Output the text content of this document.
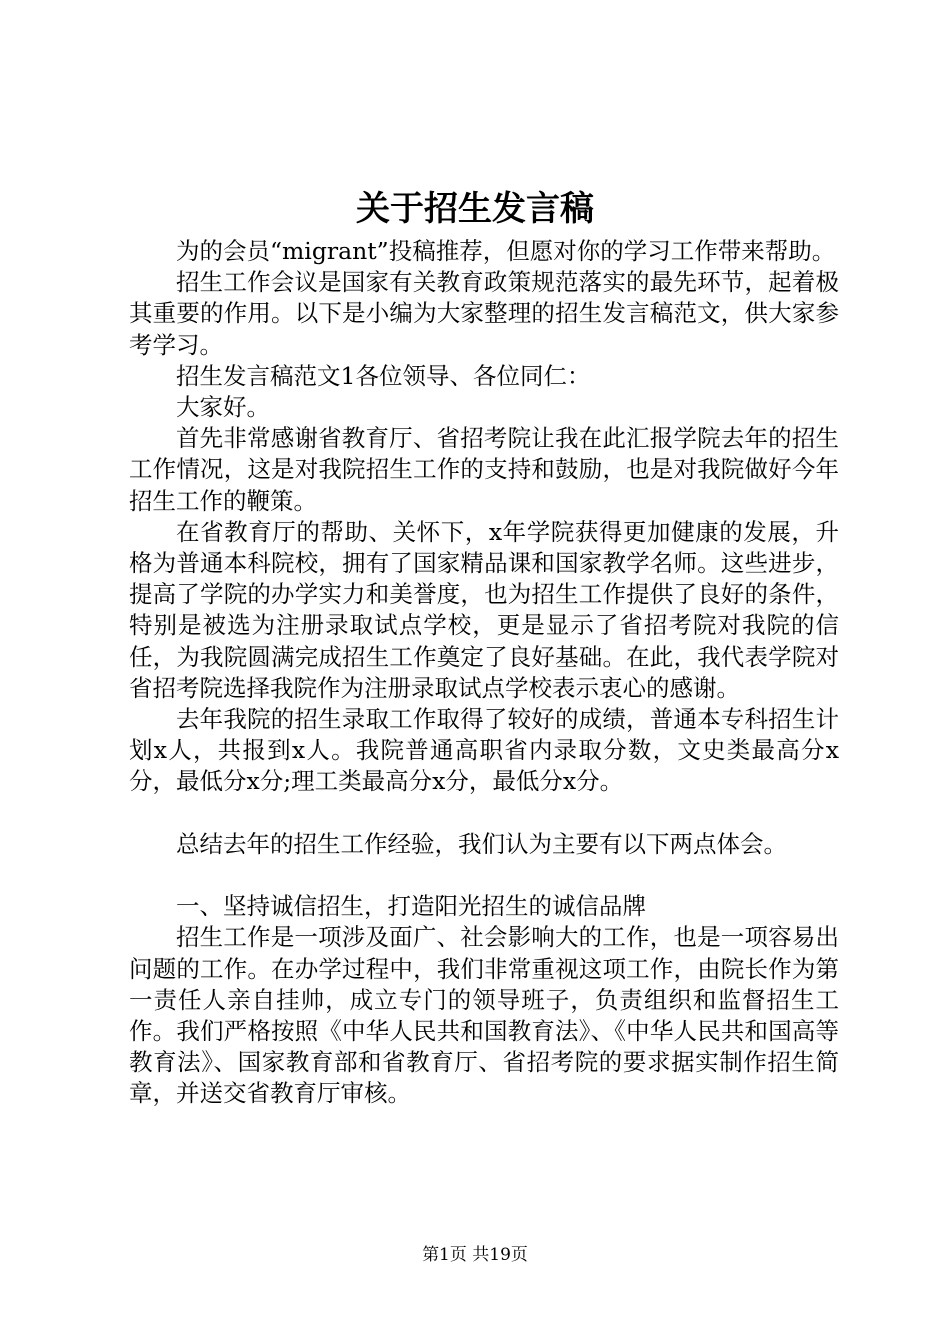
关于招生发言稿

为的会员“migrant”投稿推荐，但愿对你的学习工作带来帮助。

招生工作会议是国家有关教育政策规范落实的最先环节，起着极其重要的作用。以下是小编为大家整理的招生发言稿范文，供大家参考学习。

招生发言稿范文1各位领导、各位同仁：

大家好。

首先非常感谢省教育厅、省招考院让我在此汇报学院去年的招生工作情况，这是对我院招生工作的支持和鼓励，也是对我院做好今年招生工作的鞭策。

在省教育厅的帮助、关怀下，x年学院获得更加健康的发展，升格为普通本科院校，拥有了国家精品课和国家教学名师。这些进步，提高了学院的办学实力和美誉度，也为招生工作提供了良好的条件，特别是被选为注册录取试点学校，更是显示了省招考院对我院的信任，为我院圆满完成招生工作奠定了良好基础。在此，我代表学院对省招考院选择我院作为注册录取试点学校表示衷心的感谢。

去年我院的招生录取工作取得了较好的成绩，普通本专科招生计划x人，共报到x人。我院普通高职省内录取分数，文史类最高分x分，最低分x分;理工类最高分x分，最低分x分。

总结去年的招生工作经验，我们认为主要有以下两点体会。

一、坚持诚信招生，打造阳光招生的诚信品牌

招生工作是一项涉及面广、社会影响大的工作，也是一项容易出问题的工作。在办学过程中，我们非常重视这项工作，由院长作为第一责任人亲自挂帅，成立专门的领导班子，负责组织和监督招生工作。我们严格按照《中华人民共和国教育法》、《中华人民共和国高等教育法》、国家教育部和省教育厅、省招考院的要求据实制作招生简章，并送交省教育厅审核。

第1页 共19页
